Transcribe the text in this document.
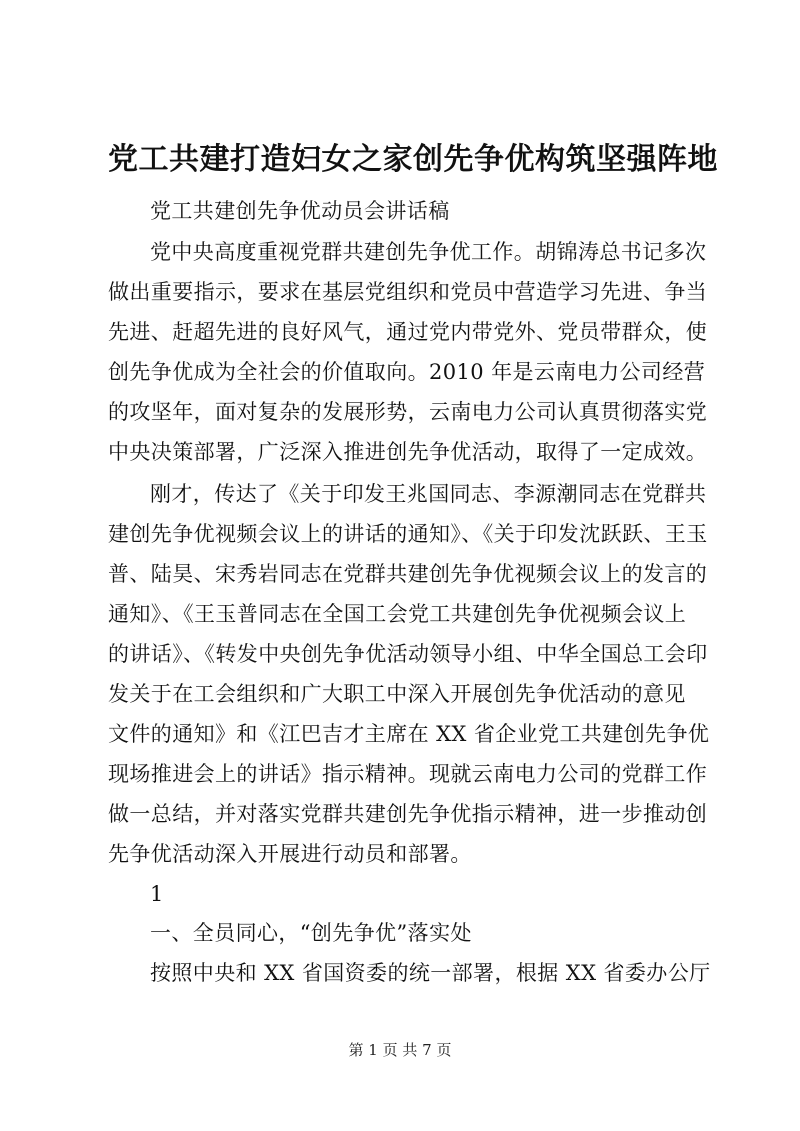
党工共建打造妇女之家创先争优构筑坚强阵地

党工共建创先争优动员会讲话稿

党中央高度重视党群共建创先争优工作。胡锦涛总书记多次
做出重要指示，要求在基层党组织和党员中营造学习先进、争当
先进、赶超先进的良好风气，通过党内带党外、党员带群众，使
创先争优成为全社会的价值取向。2010 年是云南电力公司经营
的攻坚年，面对复杂的发展形势，云南电力公司认真贯彻落实党
中央决策部署，广泛深入推进创先争优活动，取得了一定成效。
刚才，传达了《关于印发王兆国同志、李源潮同志在党群共
建创先争优视频会议上的讲话的通知》、《关于印发沈跃跃、王玉
普、陆昊、宋秀岩同志在党群共建创先争优视频会议上的发言的
通知》、《王玉普同志在全国工会党工共建创先争优视频会议上
的讲话》、《转发中央创先争优活动领导小组、中华全国总工会印
发关于在工会组织和广大职工中深入开展创先争优活动的意见
文件的通知》和《江巴吉才主席在 XX 省企业党工共建创先争优
现场推进会上的讲话》指示精神。现就云南电力公司的党群工作
做一总结，并对落实党群共建创先争优指示精神，进一步推动创
先争优活动深入开展进行动员和部署。

1

一、全员同心，“创先争优”落实处

按照中央和 XX 省国资委的统一部署，根据 XX 省委办公厅
第 1 页 共 7 页
